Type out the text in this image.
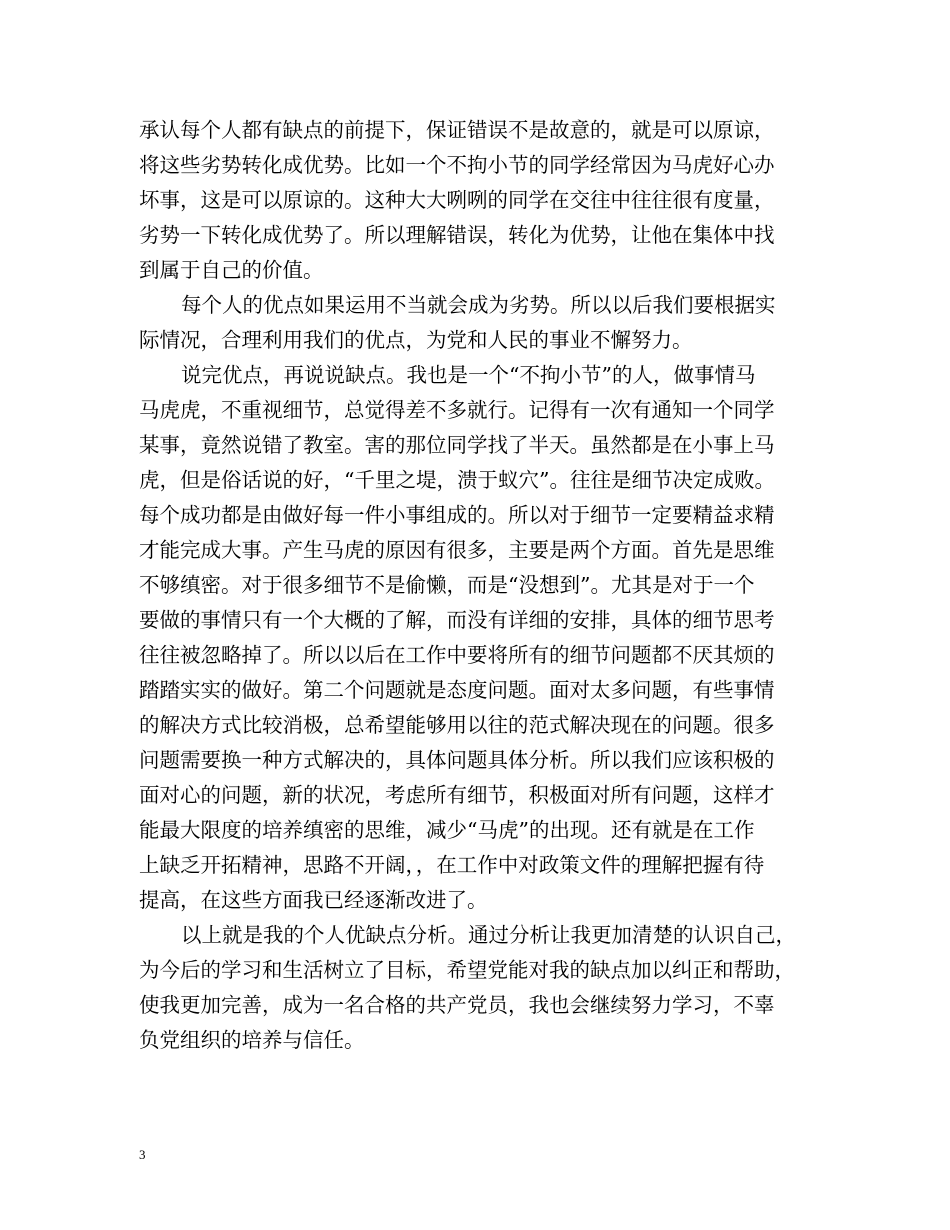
承认每个人都有缺点的前提下，保证错误不是故意的，就是可以原谅，
将这些劣势转化成优势。比如一个不拘小节的同学经常因为马虎好心办
坏事，这是可以原谅的。这种大大咧咧的同学在交往中往往很有度量，
劣势一下转化成优势了。所以理解错误，转化为优势，让他在集体中找
到属于自己的价值。
每个人的优点如果运用不当就会成为劣势。所以以后我们要根据实
际情况，合理利用我们的优点，为党和人民的事业不懈努力。
说完优点，再说说缺点。我也是一个“不拘小节”的人，做事情马
马虎虎，不重视细节，总觉得差不多就行。记得有一次有通知一个同学
某事，竟然说错了教室。害的那位同学找了半天。虽然都是在小事上马
虎，但是俗话说的好，“千里之堤，溃于蚁穴”。往往是细节决定成败。
每个成功都是由做好每一件小事组成的。所以对于细节一定要精益求精
才能完成大事。产生马虎的原因有很多，主要是两个方面。首先是思维
不够缜密。对于很多细节不是偷懒，而是“没想到”。尤其是对于一个
要做的事情只有一个大概的了解，而没有详细的安排，具体的细节思考
往往被忽略掉了。所以以后在工作中要将所有的细节问题都不厌其烦的
踏踏实实的做好。第二个问题就是态度问题。面对太多问题，有些事情
的解决方式比较消极，总希望能够用以往的范式解决现在的问题。很多
问题需要换一种方式解决的，具体问题具体分析。所以我们应该积极的
面对心的问题，新的状况，考虑所有细节，积极面对所有问题，这样才
能最大限度的培养缜密的思维，减少“马虎”的出现。还有就是在工作
上缺乏开拓精神，思路不开阔，，在工作中对政策文件的理解把握有待
提高，在这些方面我已经逐渐改进了。
以上就是我的个人优缺点分析。通过分析让我更加清楚的认识自己，
为今后的学习和生活树立了目标，希望党能对我的缺点加以纠正和帮助，
使我更加完善，成为一名合格的共产党员，我也会继续努力学习，不辜
负党组织的培养与信任。
3
